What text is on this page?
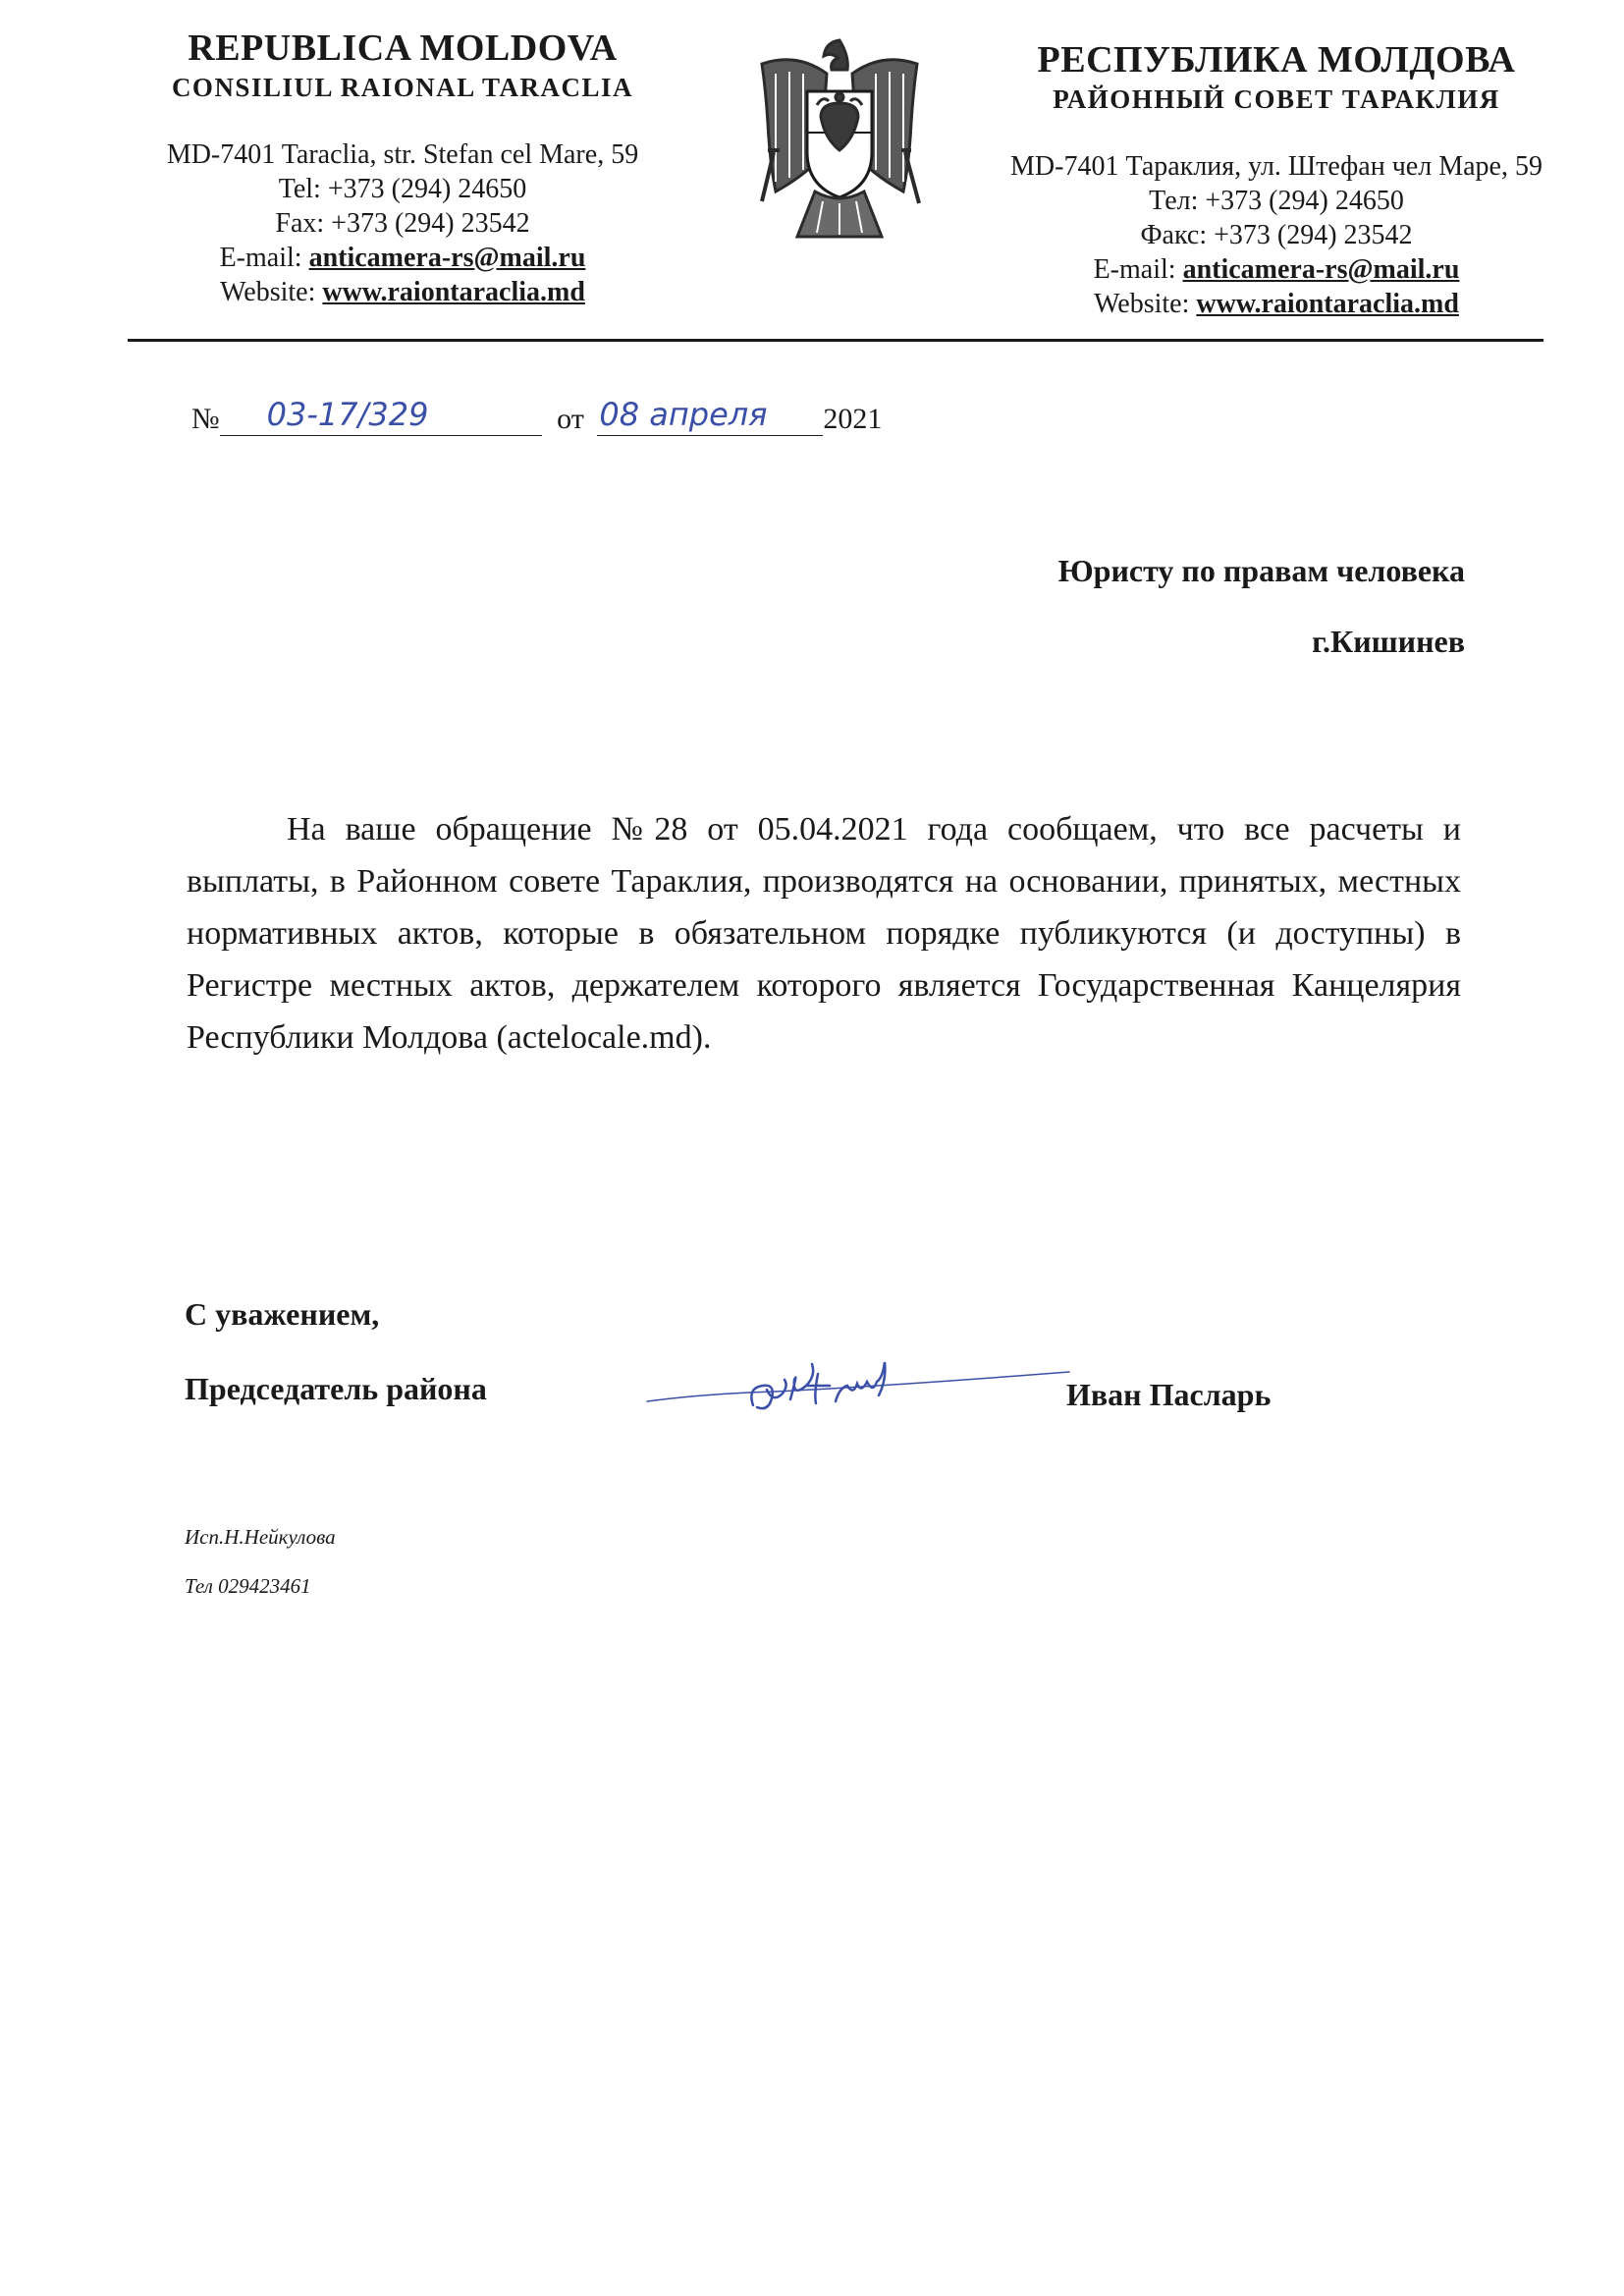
REPUBLICA MOLDOVA
CONSILIUL RAIONAL TARACLIA
MD-7401 Taraclia, str. Stefan cel Mare, 59
Tel: +373 (294) 24650
Fax: +373 (294) 23542
E-mail: anticamera-rs@mail.ru
Website: www.raiontaraclia.md
РЕСПУБЛИКА МОЛДОВА
РАЙОННЫЙ СОВЕТ ТАРАКЛИЯ
MD-7401 Тараклия, ул. Штефан чел Маре, 59
Тел: +373 (294) 24650
Факс: +373 (294) 23542
E-mail: anticamera-rs@mail.ru
Website: www.raiontaraclia.md
№ 03-17/329	от 08 апреля 2021
Юристу по правам человека
г.Кишинев
На ваше обращение №28 от 05.04.2021 года сообщаем, что все расчеты и выплаты, в Районном совете Тараклия, производятся на основании, принятых, местных нормативных актов, которые в обязательном порядке публикуются (и доступны) в Регистре местных актов, держателем которого является Государственная Канцелярия Республики Молдова (actelocale.md).
С уважением,
Председатель района	Иван Пасларь
Исп.Н.Нейкулова
Тел 029423461
